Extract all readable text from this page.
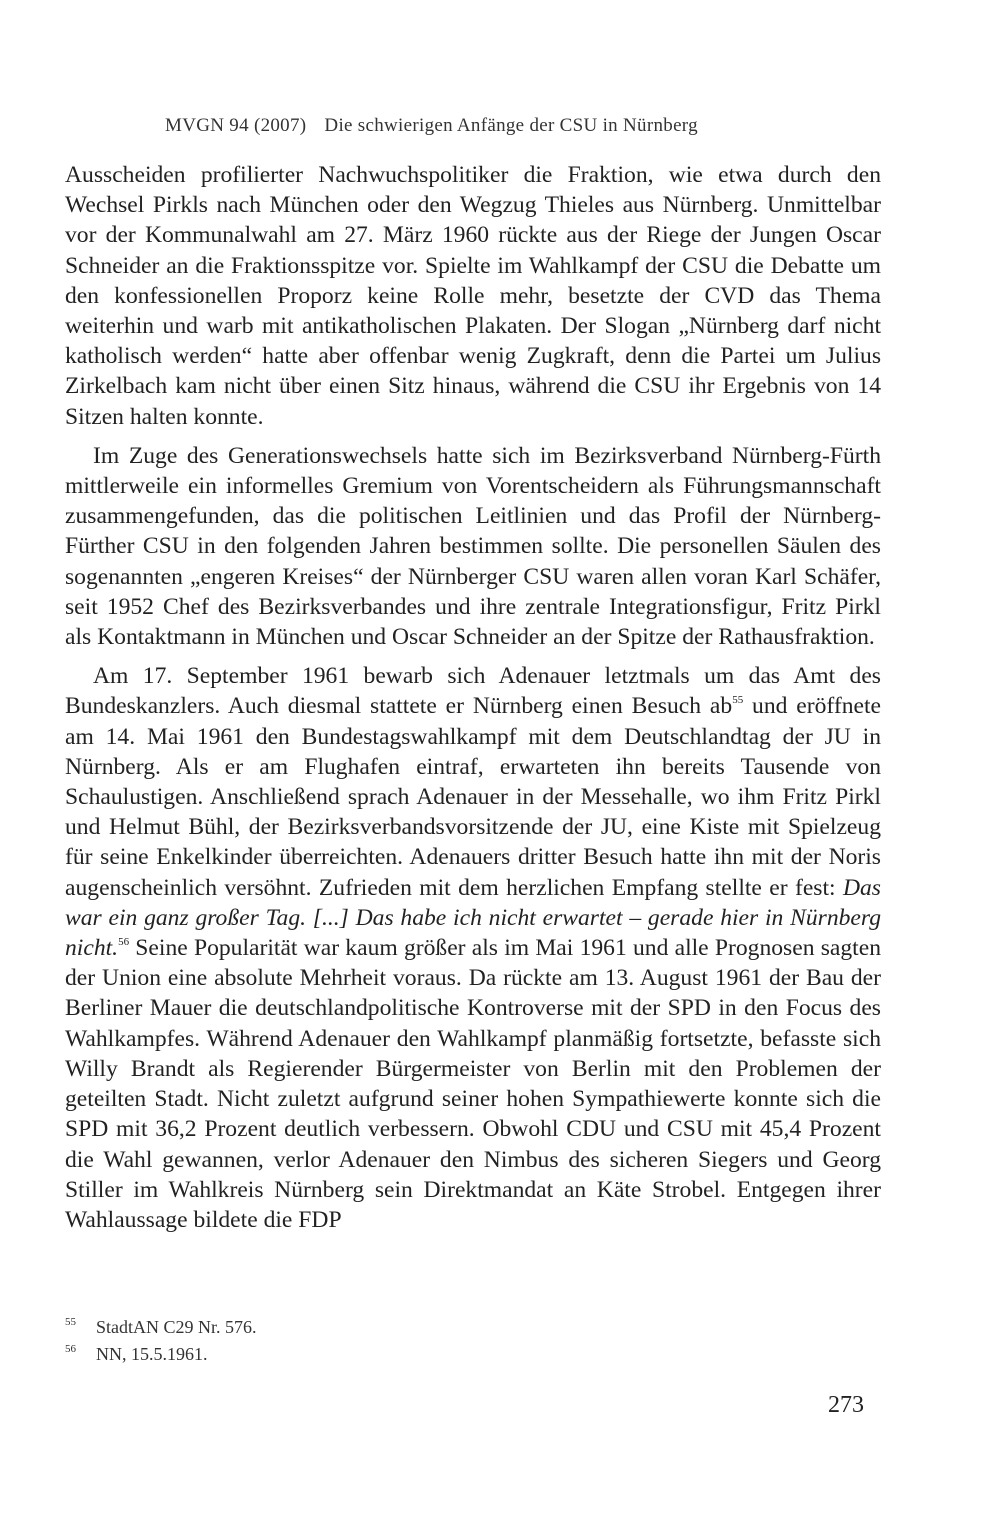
MVGN 94 (2007) Die schwierigen Anfänge der CSU in Nürnberg

Ausscheiden profilierter Nachwuchspolitiker die Fraktion, wie etwa durch den Wechsel Pirkls nach München oder den Wegzug Thieles aus Nürnberg. Unmittelbar vor der Kommunalwahl am 27. März 1960 rückte aus der Riege der Jungen Oscar Schneider an die Fraktionsspitze vor. Spielte im Wahlkampf der CSU die Debatte um den konfessionellen Proporz keine Rolle mehr, besetzte der CVD das Thema weiterhin und warb mit antikatholischen Plakaten. Der Slogan „Nürnberg darf nicht katholisch werden“ hatte aber offenbar wenig Zugkraft, denn die Partei um Julius Zirkelbach kam nicht über einen Sitz hinaus, während die CSU ihr Ergebnis von 14 Sitzen halten konnte.

Im Zuge des Generationswechsels hatte sich im Bezirksverband Nürnberg-Fürth mittlerweile ein informelles Gremium von Vorentscheidern als Führungsmannschaft zusammengefunden, das die politischen Leitlinien und das Profil der Nürnberg-Fürther CSU in den folgenden Jahren bestimmen sollte. Die personellen Säulen des sogenannten „engeren Kreises“ der Nürnberger CSU waren allen voran Karl Schäfer, seit 1952 Chef des Bezirksverbandes und ihre zentrale Integrationsfigur, Fritz Pirkl als Kontaktmann in München und Oscar Schneider an der Spitze der Rathausfraktion.

Am 17. September 1961 bewarb sich Adenauer letztmals um das Amt des Bundeskanzlers. Auch diesmal stattete er Nürnberg einen Besuch $ab^{55}$ und eröffnete am 14. Mai 1961 den Bundestagswahlkampf mit dem Deutschlandtag der JU in Nürnberg. Als er am Flughafen eintraf, erwarteten ihn bereits Tausende von Schaulustigen. Anschließend sprach Adenauer in der Messehalle, wo ihm Fritz Pirkl und Helmut Bühl, der Bezirksverbandsvorsitzende der JU, eine Kiste mit Spielzeug für seine Enkelkinder überreichten. Adenauers dritter Besuch hatte ihn mit der Noris augenscheinlich versöhnt. Zufrieden mit dem herzlichen Empfang stellte er fest: Das war ein ganz großer Tag. [...] Das habe ich nicht erwartet – gerade hier in Nürnberg nicht.$^{56}$ Seine Popularität war kaum größer als im Mai 1961 und alle Prognosen sagten der Union eine absolute Mehrheit voraus. Da rückte am 13. August 1961 der Bau der Berliner Mauer die deutschlandpolitische Kontroverse mit der SPD in den Focus des Wahlkampfes. Während Adenauer den Wahlkampf planmäßig fortsetzte, befasste sich Willy Brandt als Regierender Bürgermeister von Berlin mit den Problemen der geteilten Stadt. Nicht zuletzt aufgrund seiner hohen Sympathiewerte konnte sich die SPD mit 36,2 Prozent deutlich verbessern. Obwohl CDU und CSU mit 45,4 Prozent die Wahl gewannen, verlor Adenauer den Nimbus des sicheren Siegers und Georg Stiller im Wahlkreis Nürnberg sein Direktmandat an Käte Strobel. Entgegen ihrer Wahlaussage bildete die FDP

55 StadtAN C29 Nr. 576.
56 NN, 15.5.1961.
273
